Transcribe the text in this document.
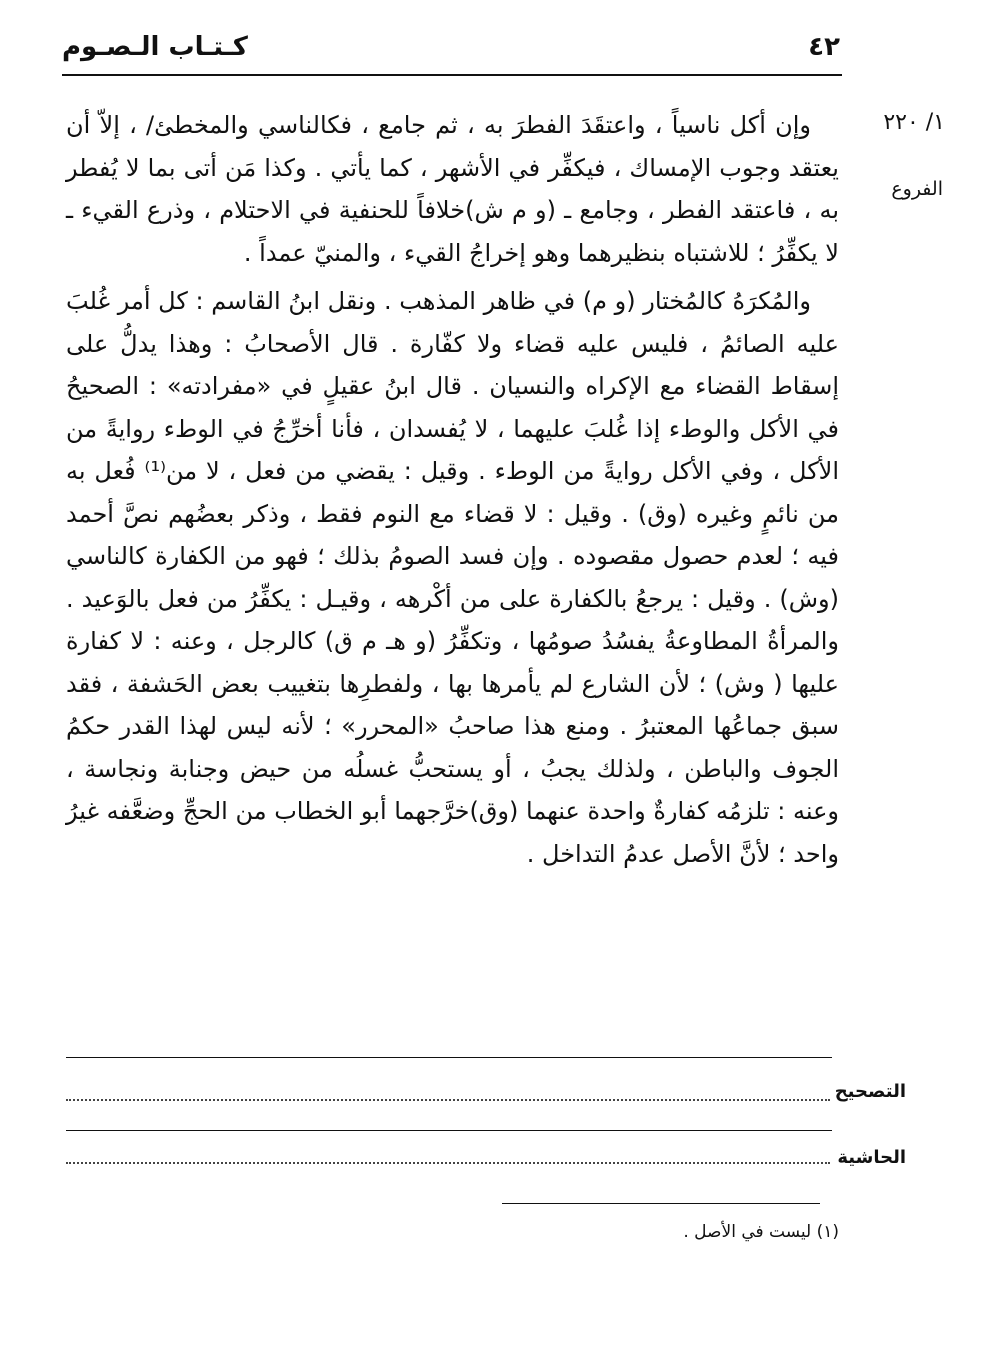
كـتـاب الـصـوم	٤٢
١/ ٢٢٠
الفروع

وإن أكل ناسياً ، واعتقَدَ الفطرَ به ، ثم جامع ، فكالناسي والمخطئ/ ، إلاّ أن يعتقد وجوب الإمساك ، فيكفِّر في الأشهر ، كما يأتي . وكذا مَن أتى بما لا يُفطر به ، فاعتقد الفطر ، وجامع ـ (و م ش)خلافاً للحنفية في الاحتلام ، وذرع القيء ـ لا يكفِّرُ ؛ للاشتباه بنظيرهما وهو إخراجُ القيء ، والمنيّ عمداً .

والمُكرَهُ كالمُختار (و م) في ظاهر المذهب . ونقل ابنُ القاسم : كل أمر غُلبَ عليه الصائمُ ، فليس عليه قضاء ولا كفّارة . قال الأصحابُ : وهذا يدلُّ على إسقاط القضاء مع الإكراه والنسيان . قال ابنُ عقيلٍ في «مفرادته» : الصحيحُ في الأكل والوطء إذا غُلبَ عليهما ، لا يُفسدان ، فأنا أخرِّجُ في الوطء روايةً من الأكل ، وفي الأكل روايةً من الوطء . وقيل : يقضي من فعل ، لا من⁽¹⁾ فُعل به من نائمٍ وغيره (وق) . وقيل : لا قضاء مع النوم فقط ، وذكر بعضُهم نصَّ أحمد فيه ؛ لعدم حصول مقصوده . وإن فسد الصومُ بذلك ؛ فهو من الكفارة كالناسي (وش) . وقيل : يرجعُ بالكفارة على من أكْرهه ، وقيـل : يكفِّرُ من فعل بالوَعيد . والمرأةُ المطاوعةُ يفسُدُ صومُها ، وتكفِّرُ (و هـ م ق) كالرجل ، وعنه : لا كفارة عليها ( وش) ؛ لأن الشارع لم يأمرها بها ، ولفطرِها بتغييب بعض الحَشفة ، فقد سبق جماعُها المعتبرُ . ومنع هذا صاحبُ «المحرر» ؛ لأنه ليس لهذا القدر حكمُ الجوف والباطن ، ولذلك يجبُ ، أو يستحبُّ غسلُه من حيض وجنابة ونجاسة ، وعنه : تلزمُه كفارةٌ واحدة عنهما (وق)خرَّجهما أبو الخطاب من الحجِّ وضعَّفه غيرُ واحد ؛ لأنَّ الأصل عدمُ التداخل .

التصحيح
الحاشية
(١) ليست في الأصل .
